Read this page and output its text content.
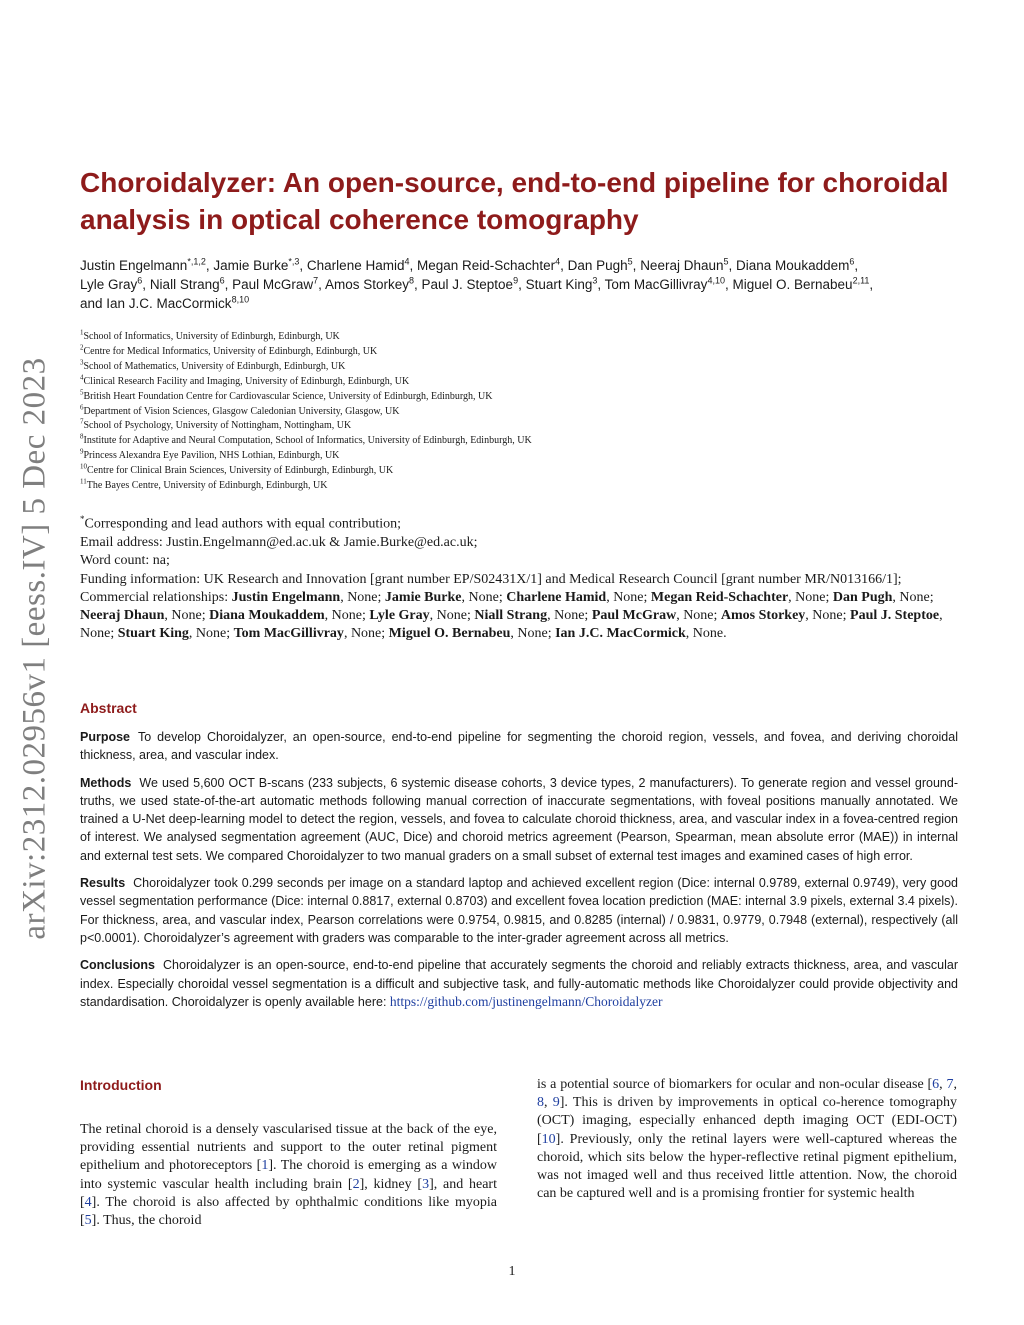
arXiv:2312.02956v1 [eess.IV] 5 Dec 2023
Choroidalyzer: An open-source, end-to-end pipeline for choroidal
analysis in optical coherence tomography
Justin Engelmann$^{*,1,2}$, Jamie Burke$^{*,3}$, Charlene Hamid$^4$, Megan Reid-Schachter$^4$, Dan Pugh$^5$, Neeraj Dhaun$^5$, Diana Moukaddem$^6$,
Lyle Gray$^6$, Niall Strang$^6$, Paul McGraw$^7$, Amos Storkey$^8$, Paul J. Steptoe$^9$, Stuart King$^3$, Tom MacGillivray$^{4,10}$, Miguel O. Bernabeu$^{2,11}$,
and Ian J.C. MacCormick$^{8,10}$
$^1$School of Informatics, University of Edinburgh, Edinburgh, UK
$^2$Centre for Medical Informatics, University of Edinburgh, Edinburgh, UK
$^3$School of Mathematics, University of Edinburgh, Edinburgh, UK
$^4$Clinical Research Facility and Imaging, University of Edinburgh, Edinburgh, UK
$^5$British Heart Foundation Centre for Cardiovascular Science, University of Edinburgh, Edinburgh, UK
$^6$Department of Vision Sciences, Glasgow Caledonian University, Glasgow, UK
$^7$School of Psychology, University of Nottingham, Nottingham, UK
$^8$Institute for Adaptive and Neural Computation, School of Informatics, University of Edinburgh, Edinburgh, UK
$^9$Princess Alexandra Eye Pavilion, NHS Lothian, Edinburgh, UK
$^{10}$Centre for Clinical Brain Sciences, University of Edinburgh, Edinburgh, UK
$^{11}$The Bayes Centre, University of Edinburgh, Edinburgh, UK

*Corresponding and lead authors with equal contribution;

Email address: Justin.Engelmann@ed.ac.uk & Jamie.Burke@ed.ac.uk;

Word count: na;

Funding information: UK Research and Innovation [grant number EP/S02431X/1] and Medical Research Council [grant number MR/N013166/1];

Commercial relationships: Justin Engelmann, None; Jamie Burke, None; Charlene Hamid, None; Megan Reid-Schachter, None; Dan Pugh, None; Neeraj Dhaun, None; Diana Moukaddem, None; Lyle Gray, None; Niall Strang, None; Paul McGraw, None; Amos Storkey, None; Paul J. Steptoe, None; Stuart King, None; Tom MacGillivray, None; Miguel O. Bernabeu, None; Ian J.C. MacCormick, None.

Abstract

Purpose To develop Choroidalyzer, an open-source, end-to-end pipeline for segmenting the choroid region, vessels, and fovea, and deriving choroidal thickness, area, and vascular index.

Methods We used 5,600 OCT B-scans (233 subjects, 6 systemic disease cohorts, 3 device types, 2 manufacturers). To generate region and vessel ground-truths, we used state-of-the-art automatic methods following manual correction of inaccurate segmentations, with foveal positions manually annotated. We trained a U-Net deep-learning model to detect the region, vessels, and fovea to calculate choroid thickness, area, and vascular index in a fovea-centred region of interest. We analysed segmentation agreement (AUC, Dice) and choroid metrics agreement (Pearson, Spearman, mean absolute error (MAE)) in internal and external test sets. We compared Choroidalyzer to two manual graders on a small subset of external test images and examined cases of high error.

Results Choroidalyzer took 0.299 seconds per image on a standard laptop and achieved excellent region (Dice: internal 0.9789, external 0.9749), very good vessel segmentation performance (Dice: internal 0.8817, external 0.8703) and excellent fovea location prediction (MAE: internal 3.9 pixels, external 3.4 pixels). For thickness, area, and vascular index, Pearson correlations were 0.9754, 0.9815, and 0.8285 (internal) / 0.9831, 0.9779, 0.7948 (external), respectively (all p<0.0001). Choroidalyzer’s agreement with graders was comparable to the inter-grader agreement across all metrics.

Conclusions Choroidalyzer is an open-source, end-to-end pipeline that accurately segments the choroid and reliably extracts thickness, area, and vascular index. Especially choroidal vessel segmentation is a difficult and subjective task, and fully-automatic methods like Choroidalyzer could provide objectivity and standardisation. Choroidalyzer is openly available here: https://github.com/justinengelmann/Choroidalyzer

Introduction

The retinal choroid is a densely vascularised tissue at the back of the eye, providing essential nutrients and support to the outer retinal pigment epithelium and photoreceptors [1]. The choroid is emerging as a window into systemic vascular health including brain [2], kidney [3], and heart [4]. The choroid is also affected by ophthalmic conditions like myopia [5]. Thus, the choroid

is a potential source of biomarkers for ocular and non-ocular disease [6, 7, 8, 9]. This is driven by improvements in optical co-herence tomography (OCT) imaging, especially enhanced depth imaging OCT (EDI-OCT) [10]. Previously, only the retinal layers were well-captured whereas the choroid, which sits below the hyper-reflective retinal pigment epithelium, was not imaged well and thus received little attention. Now, the choroid can be captured well and is a promising frontier for systemic health

1
